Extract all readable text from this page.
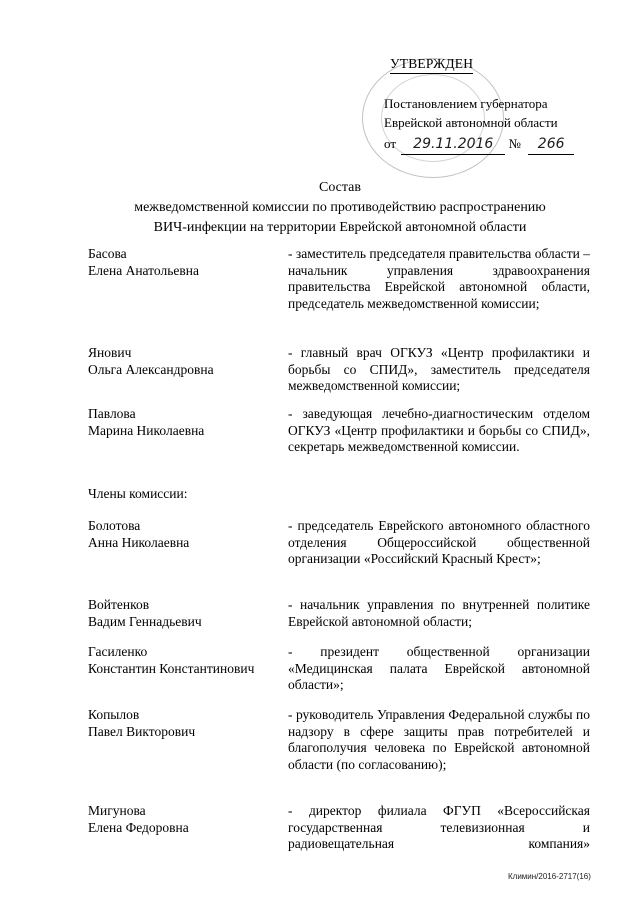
УТВЕРЖДЕН
Постановлением губернатора
Еврейской автономной области
от 29.11.2016 № 266
Состав
межведомственной комиссии по противодействию распространению
ВИЧ-инфекции на территории Еврейской автономной области
Басова
Елена Анатольевна
- заместитель председателя правительства области – начальник управления здравоохранения правительства Еврейской автономной области, председатель межведомственной комиссии;
Янович
Ольга Александровна
- главный врач ОГКУЗ «Центр профилактики и борьбы со СПИД», заместитель председателя межведомственной комиссии;
Павлова
Марина Николаевна
- заведующая лечебно-диагностическим отделом ОГКУЗ «Центр профилактики и борьбы со СПИД», секретарь межведомственной комиссии.
Члены комиссии:
Болотова
Анна Николаевна
- председатель Еврейского автономного областного отделения Общероссийской общественной организации «Российский Красный Крест»;
Войтенков
Вадим Геннадьевич
- начальник управления по внутренней политике Еврейской автономной области;
Гасиленко
Константин Константинович
- президент общественной организации «Медицинская палата Еврейской автономной области»;
Копылов
Павел Викторович
- руководитель Управления Федеральной службы по надзору в сфере защиты прав потребителей и благополучия человека по Еврейской автономной области (по согласованию);
Мигунова
Елена Федоровна
- директор филиала ФГУП «Всероссийская государственная телевизионная и радиовещательная компания»
Климин/2016-2717(16)
